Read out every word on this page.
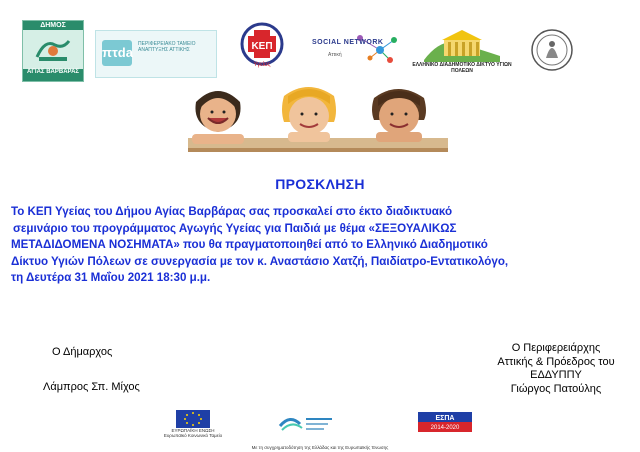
ΔΗΜΟΣ
ΑΓΙΑΣ ΒΑΡΒΑΡΑΣ
πτda
ΠΕΡΙΦΕΡΕΙΑΚΟ ΤΑΜΕΙΟ ΑΝΑΠΤΥΞΗΣ ΑΤΤΙΚΗΣ	ΚΕΠ
Υγείας
SOCIAL NETWORK
Αττική
ΕΛΛΗΝΙΚΟ ΔΙΑΔΗΜΟΤΙΚΟ ΔΙΚΤΥΟ ΥΓΙΩΝ ΠΟΛΕΩΝ
ΠΡΟΣΚΛΗΣΗ

Το ΚΕΠ Υγείας του Δήμου Αγίας Βαρβάρας σας προσκαλεί στο έκτο διαδικτυακό
σεμινάριο του προγράμματος Αγωγής Υγείας για Παιδιά με θέμα «ΣΕΞΟΥΑΛΙΚΩΣ
ΜΕΤΑΔΙΔΟΜΕΝΑ ΝΟΣΗΜΑΤΑ» που θα πραγματοποιηθεί από το Ελληνικό Διαδημοτικό
Δίκτυο Υγιών Πόλεων σε συνεργασία με τον κ. Αναστάσιο Χατζή, Παιδίατρο-Εντατικολόγο,
τη Δευτέρα 31 Μαΐου 2021 18:30 μ.μ.

Ο Δήμαρχος
Λάμπρος Σπ. Μίχος
Ο Περιφερειάρχης
Αττικής & Πρόεδρος του
ΕΔΔΥΠΠΥ
Γιώργος Πατούλης
ΕΥΡΩΠΑΪΚΗ ΕΝΩΣΗ Ευρωπαϊκό Κοινωνικό Ταμείο
ΕΣΠΑ
2014-2020
Με τη συγχρηματοδότηση της Ελλάδας και της Ευρωπαϊκής Ένωσης
